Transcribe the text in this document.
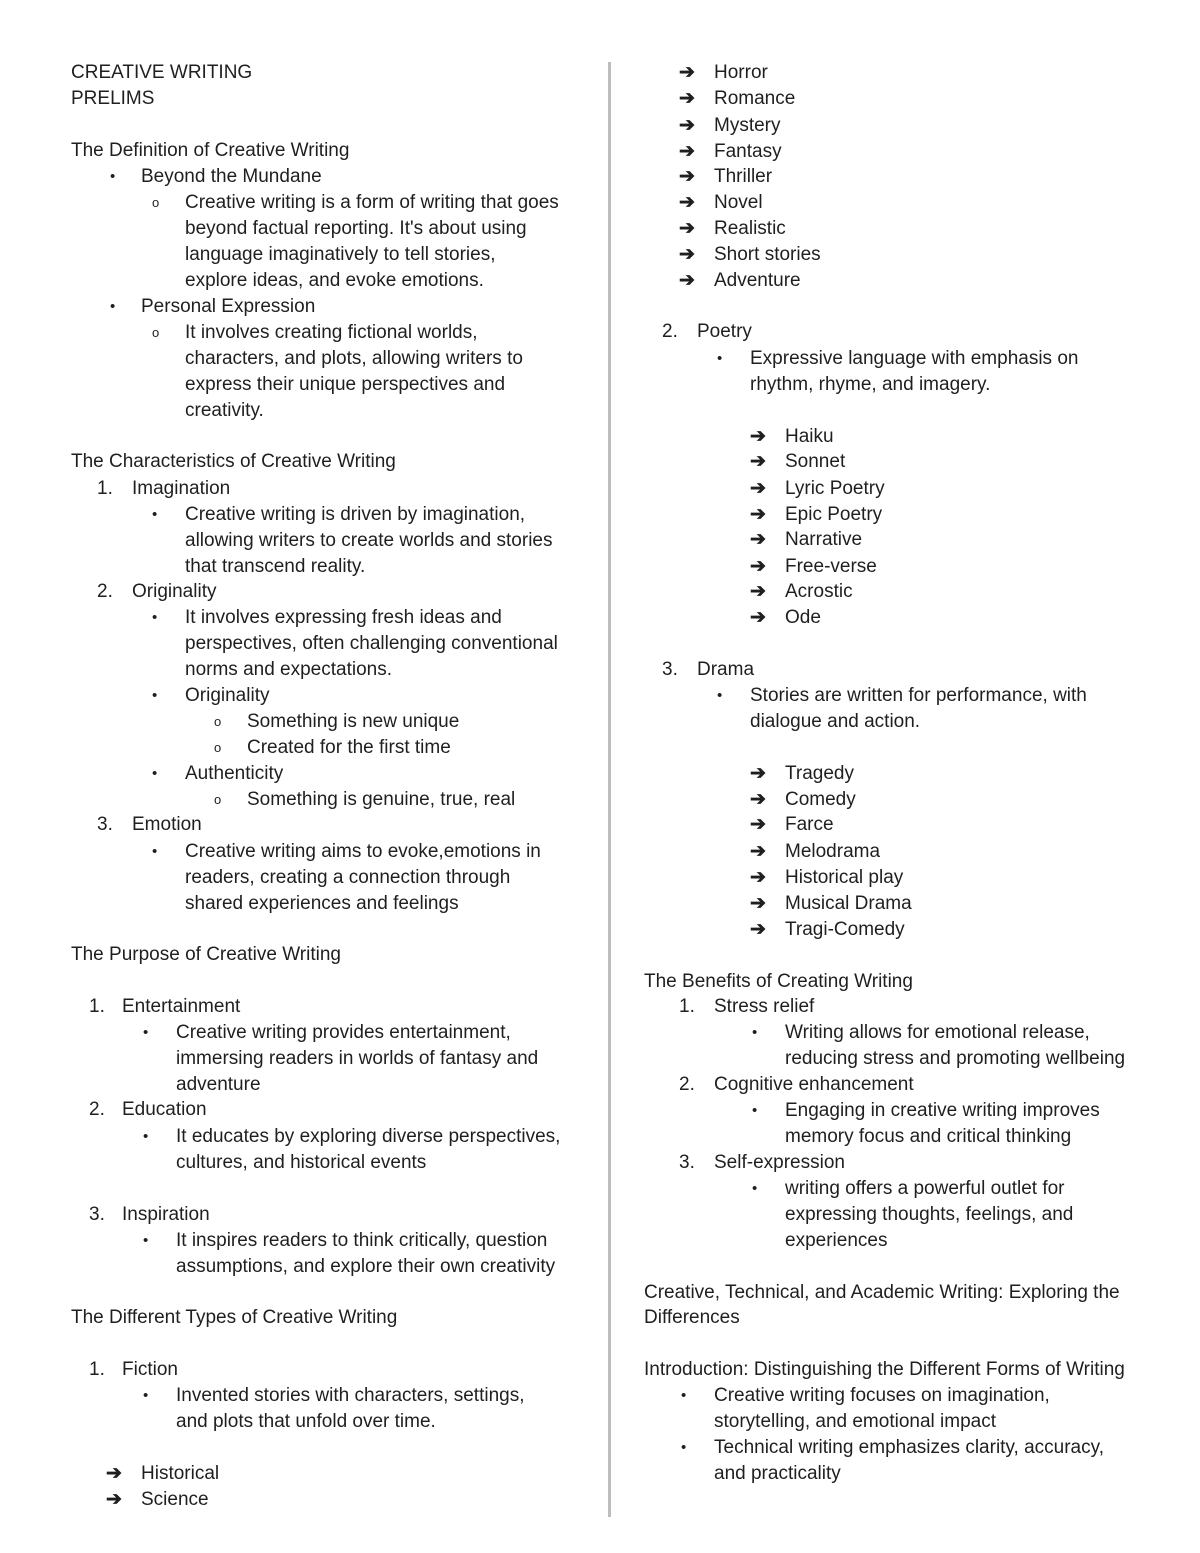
CREATIVE WRITING
PRELIMS
The Definition of Creative Writing
Beyond the Mundane
•
Creative writing is a form of writing that goes
o
beyond factual reporting. It's about using
language imaginatively to tell stories,
explore ideas, and evoke emotions.
Personal Expression
•
It involves creating fictional worlds,
o
characters, and plots, allowing writers to
express their unique perspectives and
creativity.
The Characteristics of Creative Writing
Imagination
1.
Creative writing is driven by imagination,
•
allowing writers to create worlds and stories
that transcend reality.
Originality
2.
It involves expressing fresh ideas and
•
perspectives, often challenging conventional
norms and expectations.
Originality
•
Something is new unique
o
Created for the first time
o
Authenticity
•
Something is genuine, true, real
o
Emotion
3.
Creative writing aims to evoke,emotions in
•
readers, creating a connection through
shared experiences and feelings
The Purpose of Creative Writing
Entertainment
1.
Creative writing provides entertainment,
•
immersing readers in worlds of fantasy and
adventure
Education
2.
It educates by exploring diverse perspectives,
•
cultures, and historical events
Inspiration
3.
It inspires readers to think critically, question
•
assumptions, and explore their own creativity
The Different Types of Creative Writing
Fiction
1.
Invented stories with characters, settings,
•
and plots that unfold over time.
Historical
➔
Science
➔
Horror
➔
Romance
➔
Mystery
➔
Fantasy
➔
Thriller
➔
Novel
➔
Realistic
➔
Short stories
➔
Adventure
➔
Poetry
2.
Expressive language with emphasis on
•
rhythm, rhyme, and imagery.
Haiku
➔
Sonnet
➔
Lyric Poetry
➔
Epic Poetry
➔
Narrative
➔
Free-verse
➔
Acrostic
➔
Ode
➔
Drama
3.
Stories are written for performance, with
•
dialogue and action.
Tragedy
➔
Comedy
➔
Farce
➔
Melodrama
➔
Historical play
➔
Musical Drama
➔
Tragi-Comedy
➔
The Benefits of Creating Writing
Stress relief
1.
Writing allows for emotional release,
•
reducing stress and promoting wellbeing
Cognitive enhancement
2.
Engaging in creative writing improves
•
memory focus and critical thinking
Self-expression
3.
writing offers a powerful outlet for
•
expressing thoughts, feelings, and
experiences
Creative, Technical, and Academic Writing: Exploring the
Differences
Introduction: Distinguishing the Different Forms of Writing
Creative writing focuses on imagination,
•
storytelling, and emotional impact
Technical writing emphasizes clarity, accuracy,
•
and practicality
